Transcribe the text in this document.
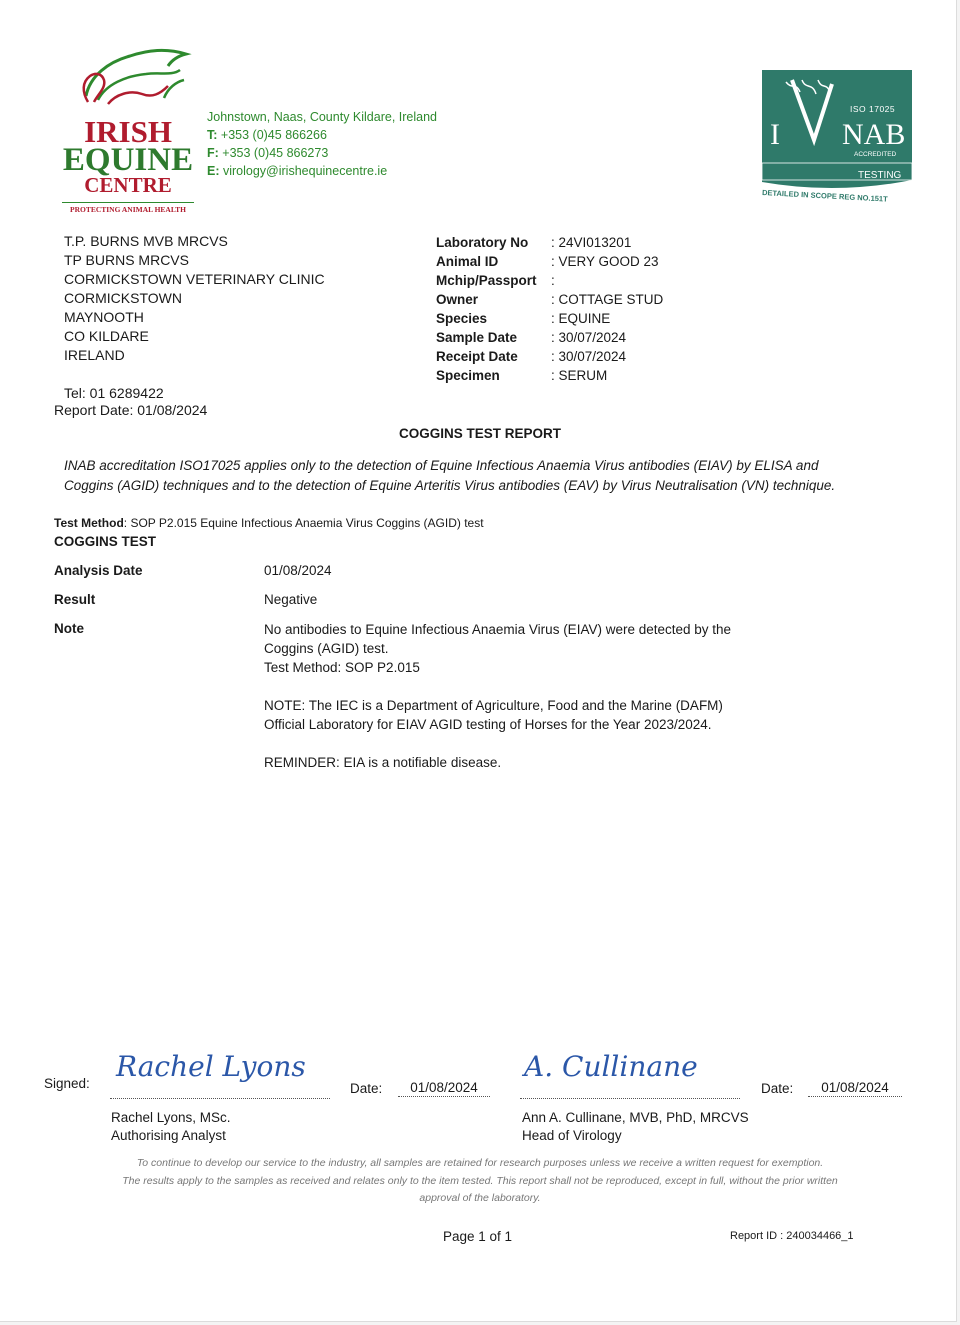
IRISH
EQUINE
CENTRE
PROTECTING ANIMAL HEALTH
Johnstown, Naas, County Kildare, Ireland
T: +353 (0)45 866266
F: +353 (0)45 866273
E: virology@irishequinecentre.ie
ISO 17025
I NAB
ACCREDITED
TESTING
DETAILED IN SCOPE REG NO.151T
T.P. BURNS MVB MRCVS
TP BURNS MRCVS
CORMICKSTOWN VETERINARY CLINIC
CORMICKSTOWN
MAYNOOTH
CO KILDARE
IRELAND
Tel: 01 6289422
Report Date: 01/08/2024
Laboratory No : 24VI013201
Animal ID	: VERY GOOD 23
Mchip/Passport :
Owner	: COTTAGE STUD
Species	: EQUINE
Sample Date	: 30/07/2024
Receipt Date : 30/07/2024
Specimen	: SERUM
COGGINS TEST REPORT
INAB accreditation ISO17025 applies only to the detection of Equine Infectious Anaemia Virus antibodies (EIAV) by ELISA and Coggins (AGID) techniques and to the detection of Equine Arteritis Virus antibodies (EAV) by Virus Neutralisation (VN) technique.
Test Method: SOP P2.015 Equine Infectious Anaemia Virus Coggins (AGID) test
COGGINS TEST
Analysis Date	01/08/2024
Result	Negative
Note	No antibodies to Equine Infectious Anaemia Virus (EIAV) were detected by the Coggins (AGID) test.
Test Method: SOP P2.015
NOTE: The IEC is a Department of Agriculture, Food and the Marine (DAFM) Official Laboratory for EIAV AGID testing of Horses for the Year 2023/2024.
REMINDER: EIA is a notifiable disease.
Signed:
Rachel Lyons
Date:	01/08/2024
A. Cullinane
Date:	01/08/2024
Rachel Lyons, MSc.
Authorising Analyst
Ann A. Cullinane, MVB, PhD, MRCVS
Head of Virology
To continue to develop our service to the industry, all samples are retained for research purposes unless we receive a written request for exemption.
The results apply to the samples as received and relates only to the item tested. This report shall not be reproduced, except in full, without the prior written approval of the laboratory.
Page 1 of 1	Report ID : 240034466_1
